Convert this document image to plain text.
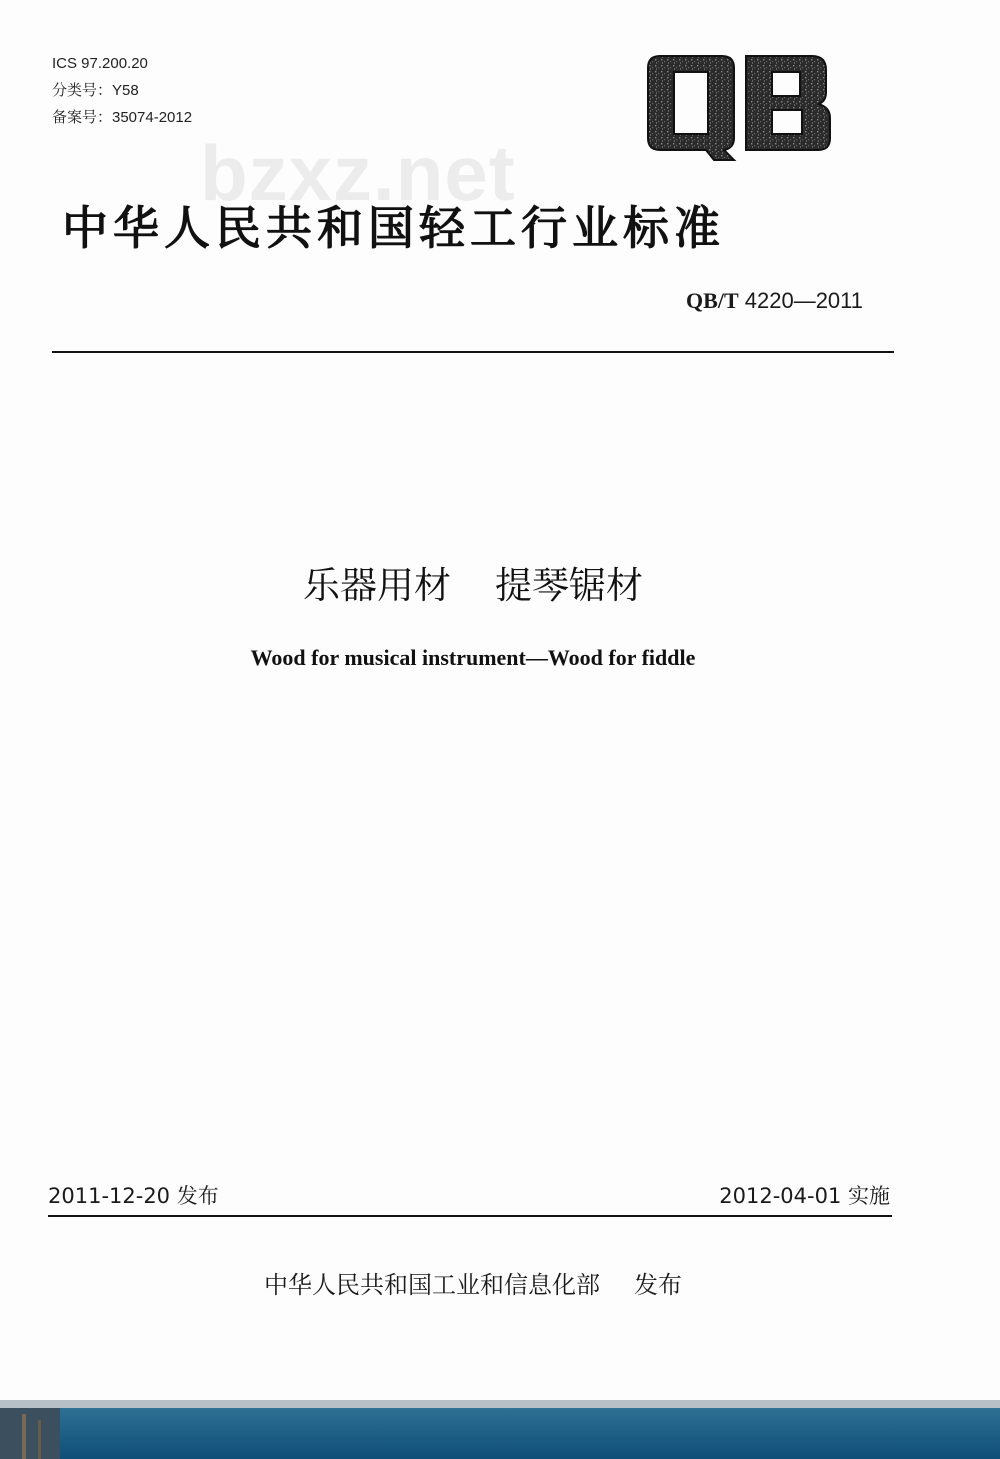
ICS 97.200.20
分类号：Y58
备案号：35074-2012
bzxz.net
中华人民共和国轻工行业标准
QB/T 4220—2011
乐器用材 提琴锯材
Wood for musical instrument—Wood for fiddle
2011-12-20 发布	2012-04-01 实施
中华人民共和国工业和信息化部 发布
